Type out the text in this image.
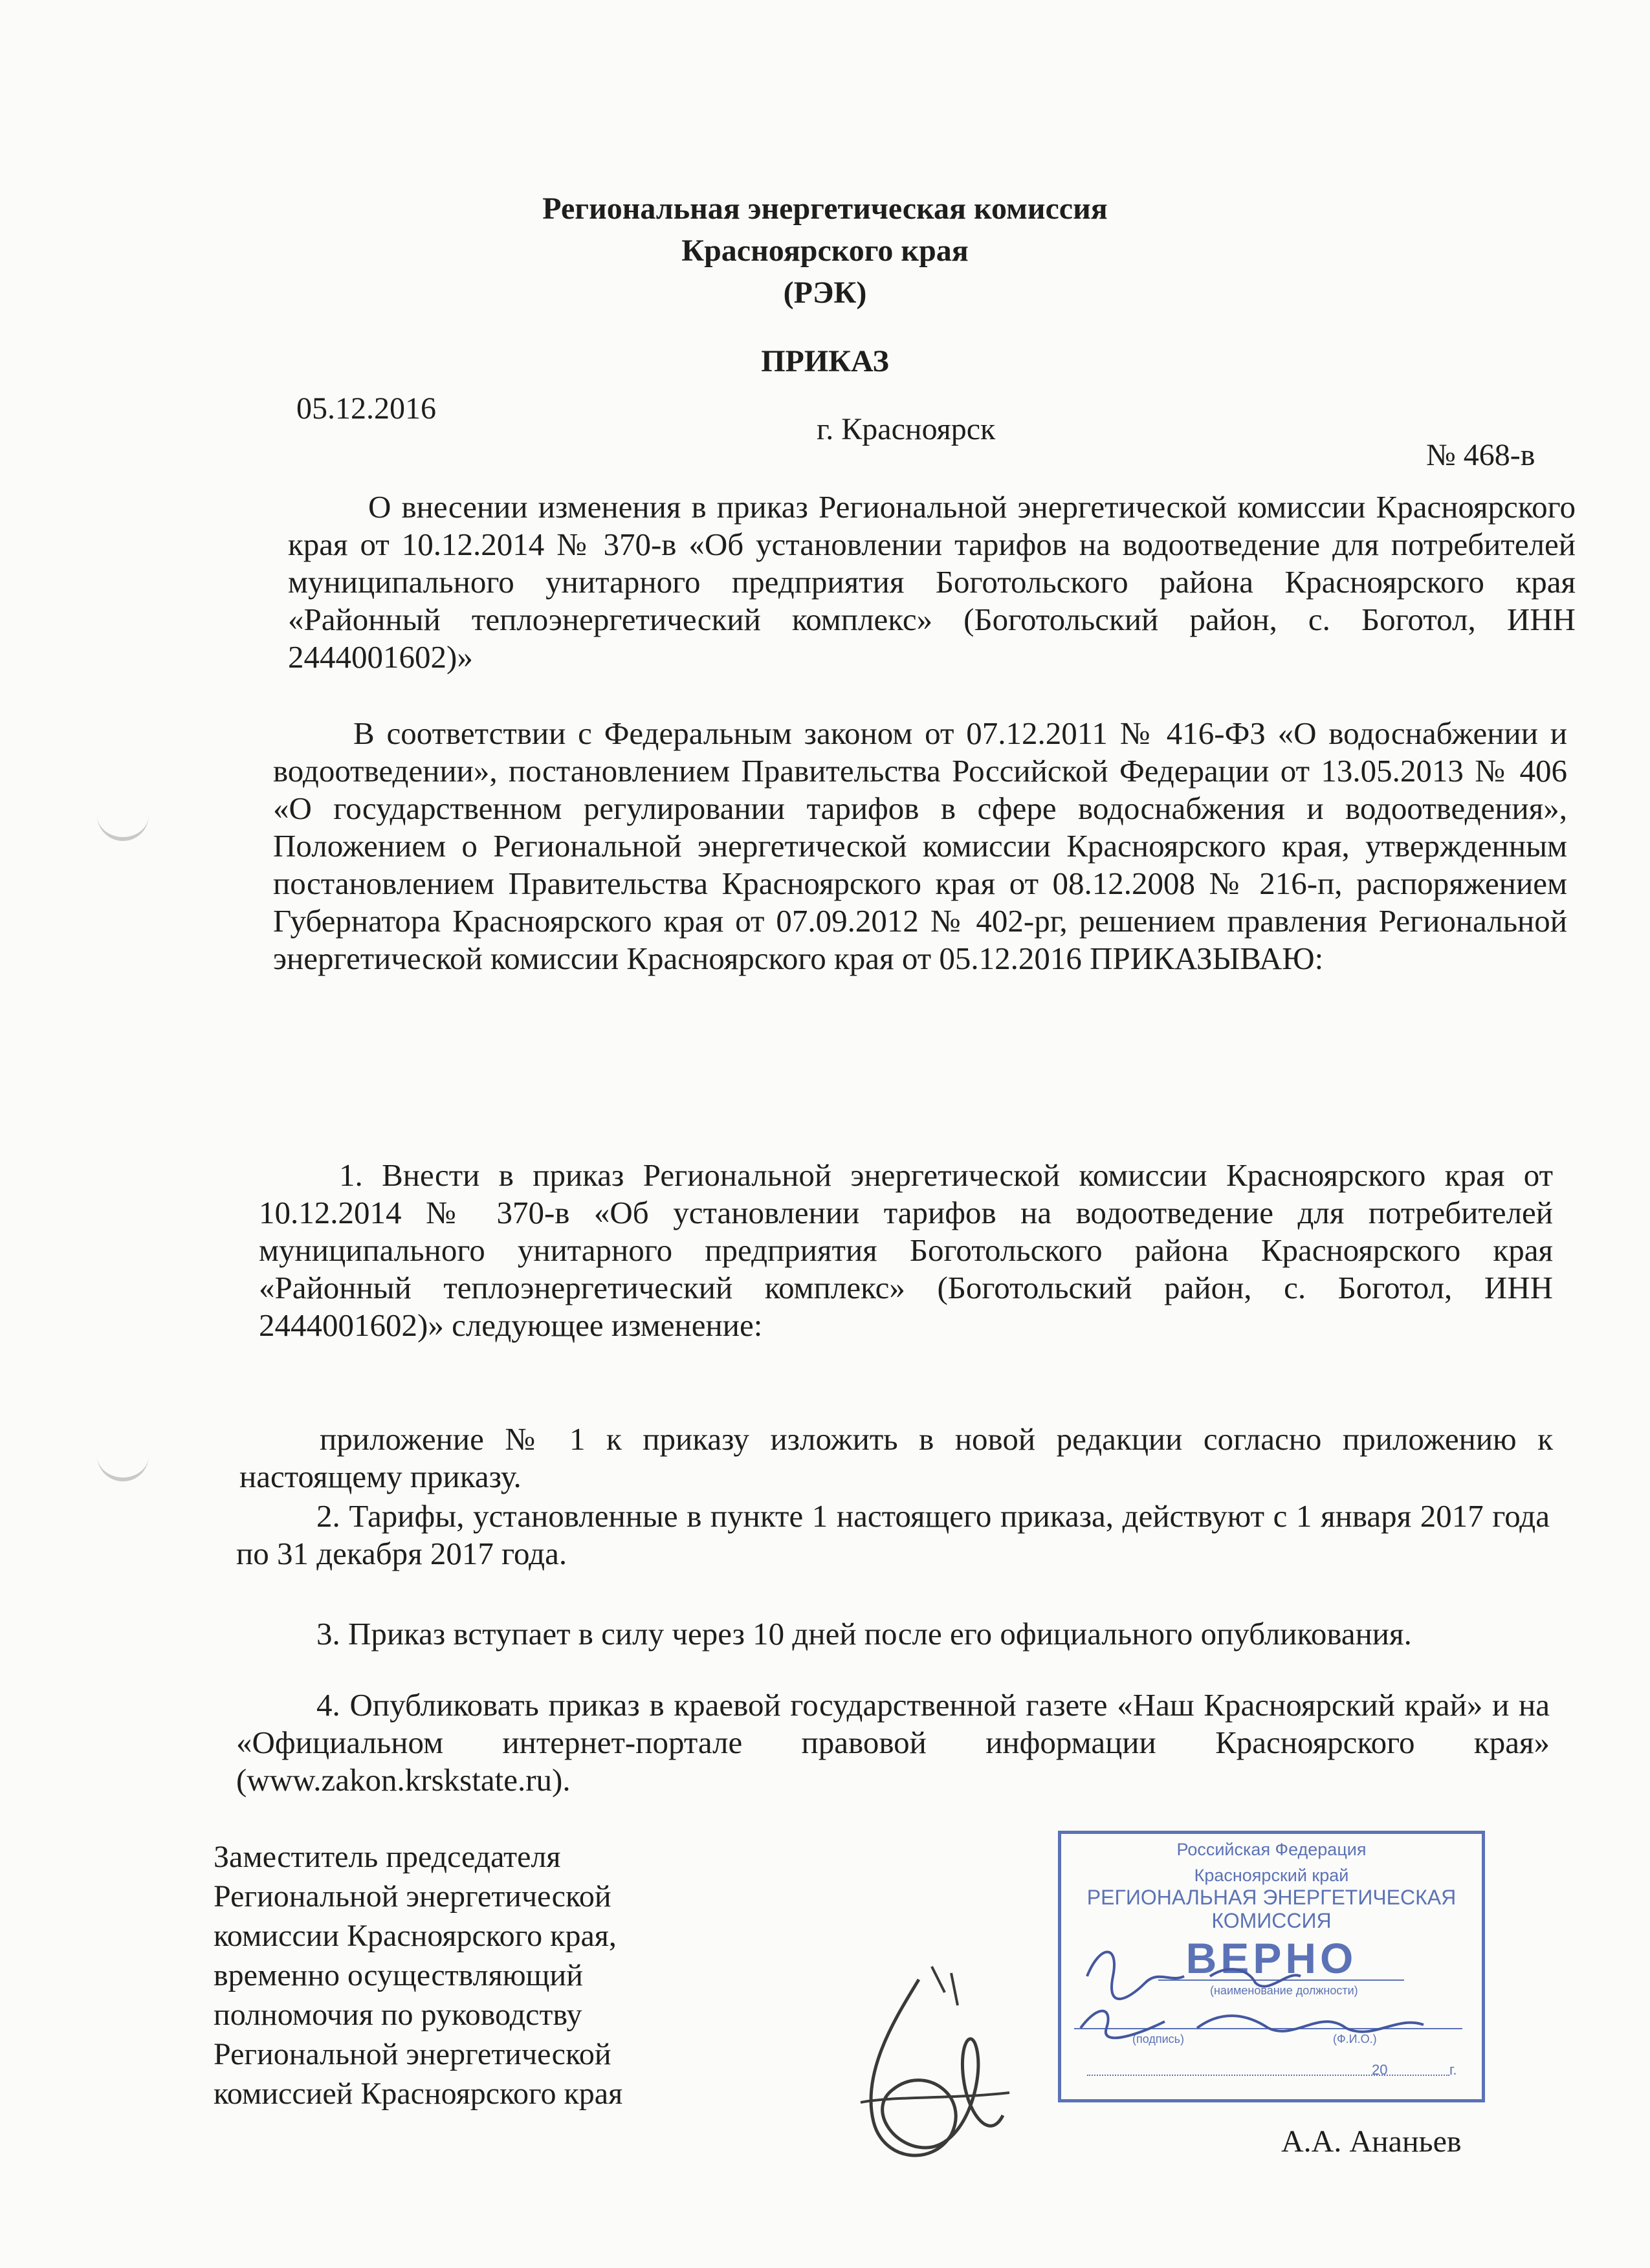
Региональная энергетическая комиссия
Красноярского края
(РЭК)
ПРИКАЗ
05.12.2016
г. Красноярск
№ 468-в
О внесении изменения в приказ Региональной энергетической комиссии Красноярского края от 10.12.2014 № 370-в «Об установлении тарифов на водоотведение для потребителей муниципального унитарного предприятия Боготольского района Красноярского края «Районный теплоэнергетический комплекс» (Боготольский район, с. Боготол, ИНН 2444001602)»
В соответствии с Федеральным законом от 07.12.2011 № 416-ФЗ «О водоснабжении и водоотведении», постановлением Правительства Российской Федерации от 13.05.2013 № 406 «О государственном регулировании тарифов в сфере водоснабжения и водоотведения», Положением о Региональной энергетической комиссии Красноярского края, утвержденным постановлением Правительства Красноярского края от 08.12.2008 № 216-п, распоряжением Губернатора Красноярского края от 07.09.2012 № 402-рг, решением правления Региональной энергетической комиссии Красноярского края от 05.12.2016 ПРИКАЗЫВАЮ:
1. Внести в приказ Региональной энергетической комиссии Красноярского края от 10.12.2014 № 370-в «Об установлении тарифов на водоотведение для потребителей муниципального унитарного предприятия Боготольского района Красноярского края «Районный теплоэнергетический комплекс» (Боготольский район, с. Боготол, ИНН 2444001602)» следующее изменение:
приложение № 1 к приказу изложить в новой редакции согласно приложению к настоящему приказу.
2. Тарифы, установленные в пункте 1 настоящего приказа, действуют с 1 января 2017 года по 31 декабря 2017 года.
3. Приказ вступает в силу через 10 дней после его официального опубликования.
4. Опубликовать приказ в краевой государственной газете «Наш Красноярский край» и на «Официальном интернет-портале правовой информации Красноярского края» (www.zakon.krskstate.ru).
Заместитель председателя
Региональной энергетической
комиссии Красноярского края,
временно осуществляющий
полномочия по руководству
Региональной энергетической
комиссией Красноярского края
А.А. Ананьев
Российская Федерация
Красноярский край
РЕГИОНАЛЬНАЯ ЭНЕРГЕТИЧЕСКАЯ
КОМИССИЯ
ВЕРНО
(наименование должности)
(подпись)	(Ф.И.О.)
20	г.
